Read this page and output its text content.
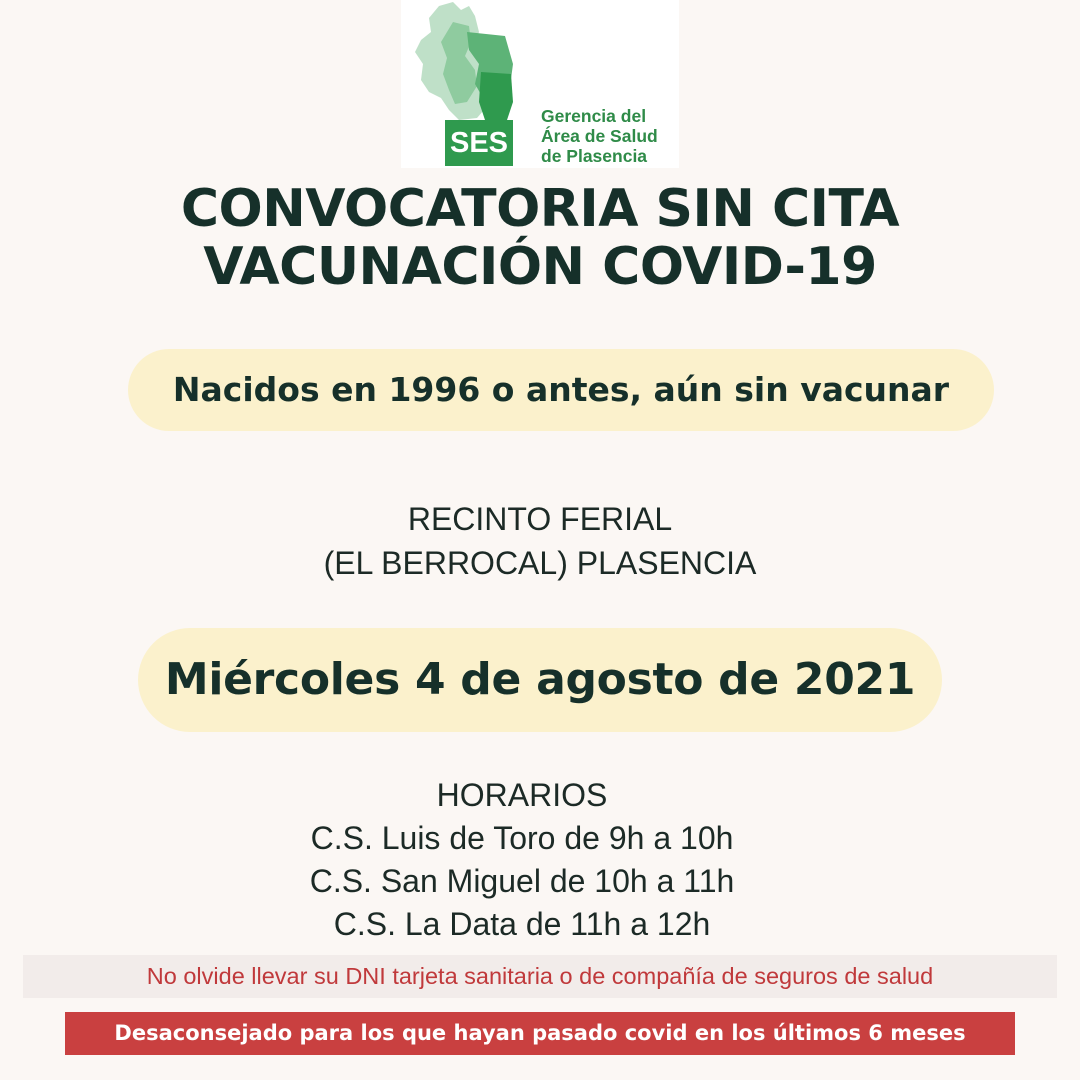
SES
Gerencia del
Área de Salud
de Plasencia
CONVOCATORIA SIN CITA
VACUNACIÓN COVID-19
Nacidos en 1996 o antes, aún sin vacunar
RECINTO FERIAL
(EL BERROCAL) PLASENCIA
Miércoles 4 de agosto de 2021
HORARIOS
C.S. Luis de Toro de 9h a 10h
C.S. San Miguel de 10h a 11h
C.S. La Data de 11h a 12h
No olvide llevar su DNI tarjeta sanitaria o de compañía de seguros de salud
Desaconsejado para los que hayan pasado covid en los últimos 6 meses
